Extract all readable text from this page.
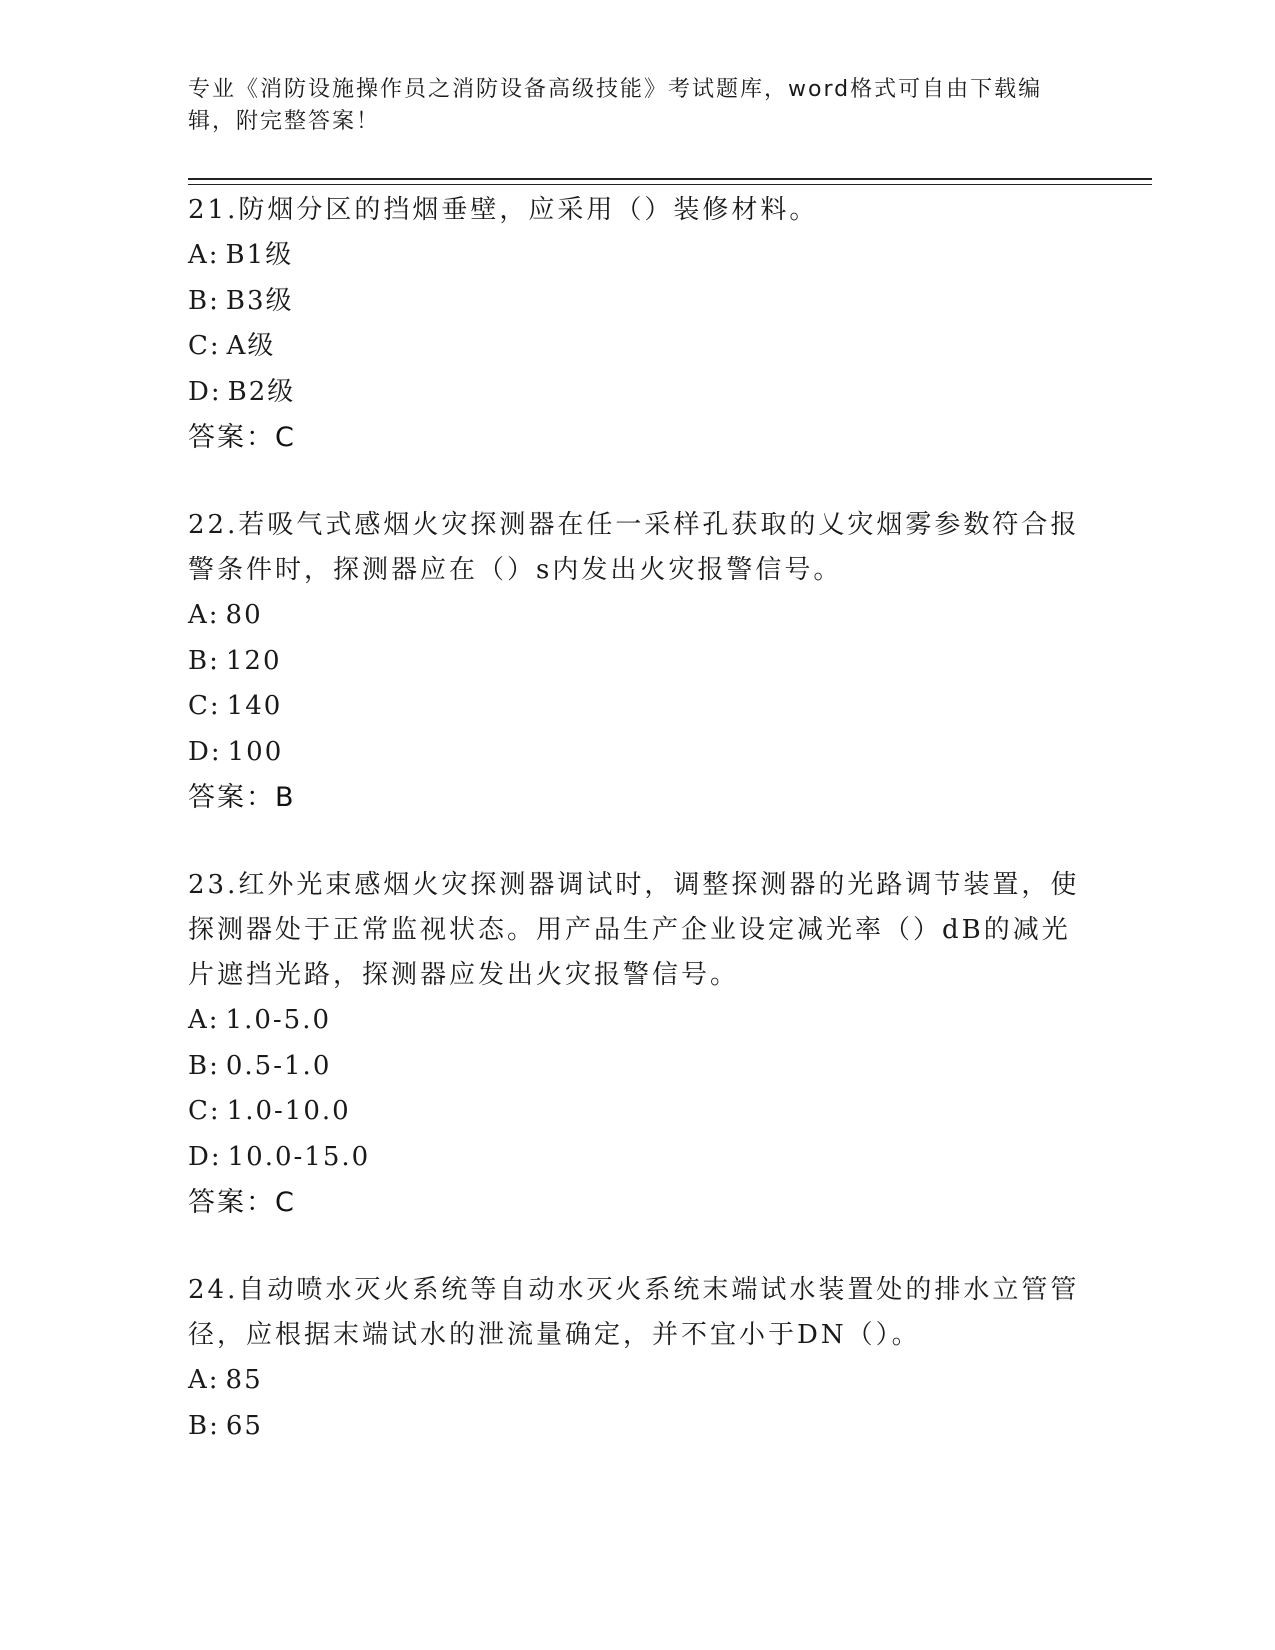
专业《消防设施操作员之消防设备高级技能》考试题库，word格式可自由下载编辑，附完整答案！

21.防烟分区的挡烟垂壁，应采用（）装修材料。

A: B1级
B: B3级
C: A级
D: B2级
答案：C

22.若吸气式感烟火灾探测器在任一采样孔获取的乂灾烟雾参数符合报警条件时，探测器应在（）s内发出火灾报警信号。

A: 80
B: 120
C: 140
D: 100
答案：B

23.红外光束感烟火灾探测器调试时，调整探测器的光路调节装置，使探测器处于正常监视状态。用产品生产企业设定减光率（）dB的减光片遮挡光路，探测器应发出火灾报警信号。

A: 1.0-5.0
B: 0.5-1.0
C: 1.0-10.0
D: 10.0-15.0
答案：C

24.自动喷水灭火系统等自动水灭火系统末端试水装置处的排水立管管径，应根据末端试水的泄流量确定，并不宜小于DN（）。

A: 85
B: 65
